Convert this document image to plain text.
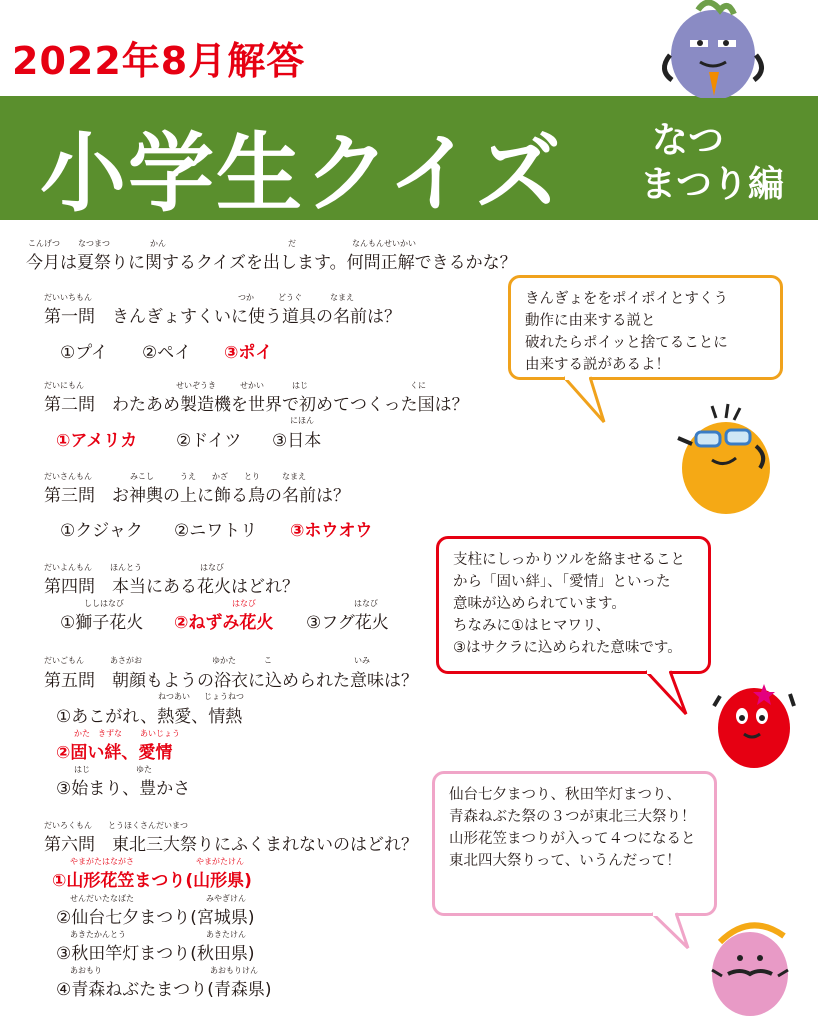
2022年8月解答
小学生クイズ なつ
まつり編
こんげつ なつまつ	かん	だ	なんもんせいかい
今月は夏祭りに関するクイズを出します。何問正解できるかな？
だいいちもん	つか	どうぐ	なまえ
第一問　きんぎょすくいに使う道具の名前は？
①プイ ②ペイ ③ポイ
だいにもん	せいぞうき	せかい	はじ	くに
第二問　わたあめ製造機を世界で初めてつくった国は？
にほん
①アメリカ ②ドイツ ③日本
だいさんもん	みこし	うえ かざ とり	なまえ
第三問　お神輿の上に飾る鳥の名前は？
①クジャク ②ニワトリ ③ホウオウ
だいよんもん ほんとう	はなび
第四問　本当にある花火はどれ？
ししはなび	はなび	はなび
①獅子花火 ②ねずみ花火 ③フグ花火
だいごもん	あさがお	ゆかた	こ	いみ
第五問　朝顔もようの浴衣に込められた意味は？
ねつあい じょうねつ
①あこがれ、熱愛、情熱
かた きずな あいじょう
②固い絆、愛情
はじ	ゆた
③始まり、豊かさ
だいろくもん とうほくさんだいまつ
第六問　東北三大祭りにふくまれないのはどれ？
やまがたはながさ	やまがたけん
①山形花笠まつり(山形県)
せんだいたなばた	みやぎけん
②仙台七夕まつり(宮城県)
あきたかんとう	あきたけん
③秋田竿灯まつり(秋田県)
あおもり	あおもりけん
④青森ねぶたまつり(青森県)
きんぎょををポイポイとすくう
動作に由来する説と
破れたらポイッと捨てることに
由来する説があるよ！
支柱にしっかりツルを絡ませること
から「固い絆」、「愛情」といった
意味が込められています。
ちなみに①はヒマワリ、
③はサクラに込められた意味です。
仙台七夕まつり、秋田竿灯まつり、
青森ねぶた祭の３つが東北三大祭り！
山形花笠まつりが入って４つになると
東北四大祭りって、いうんだって！
